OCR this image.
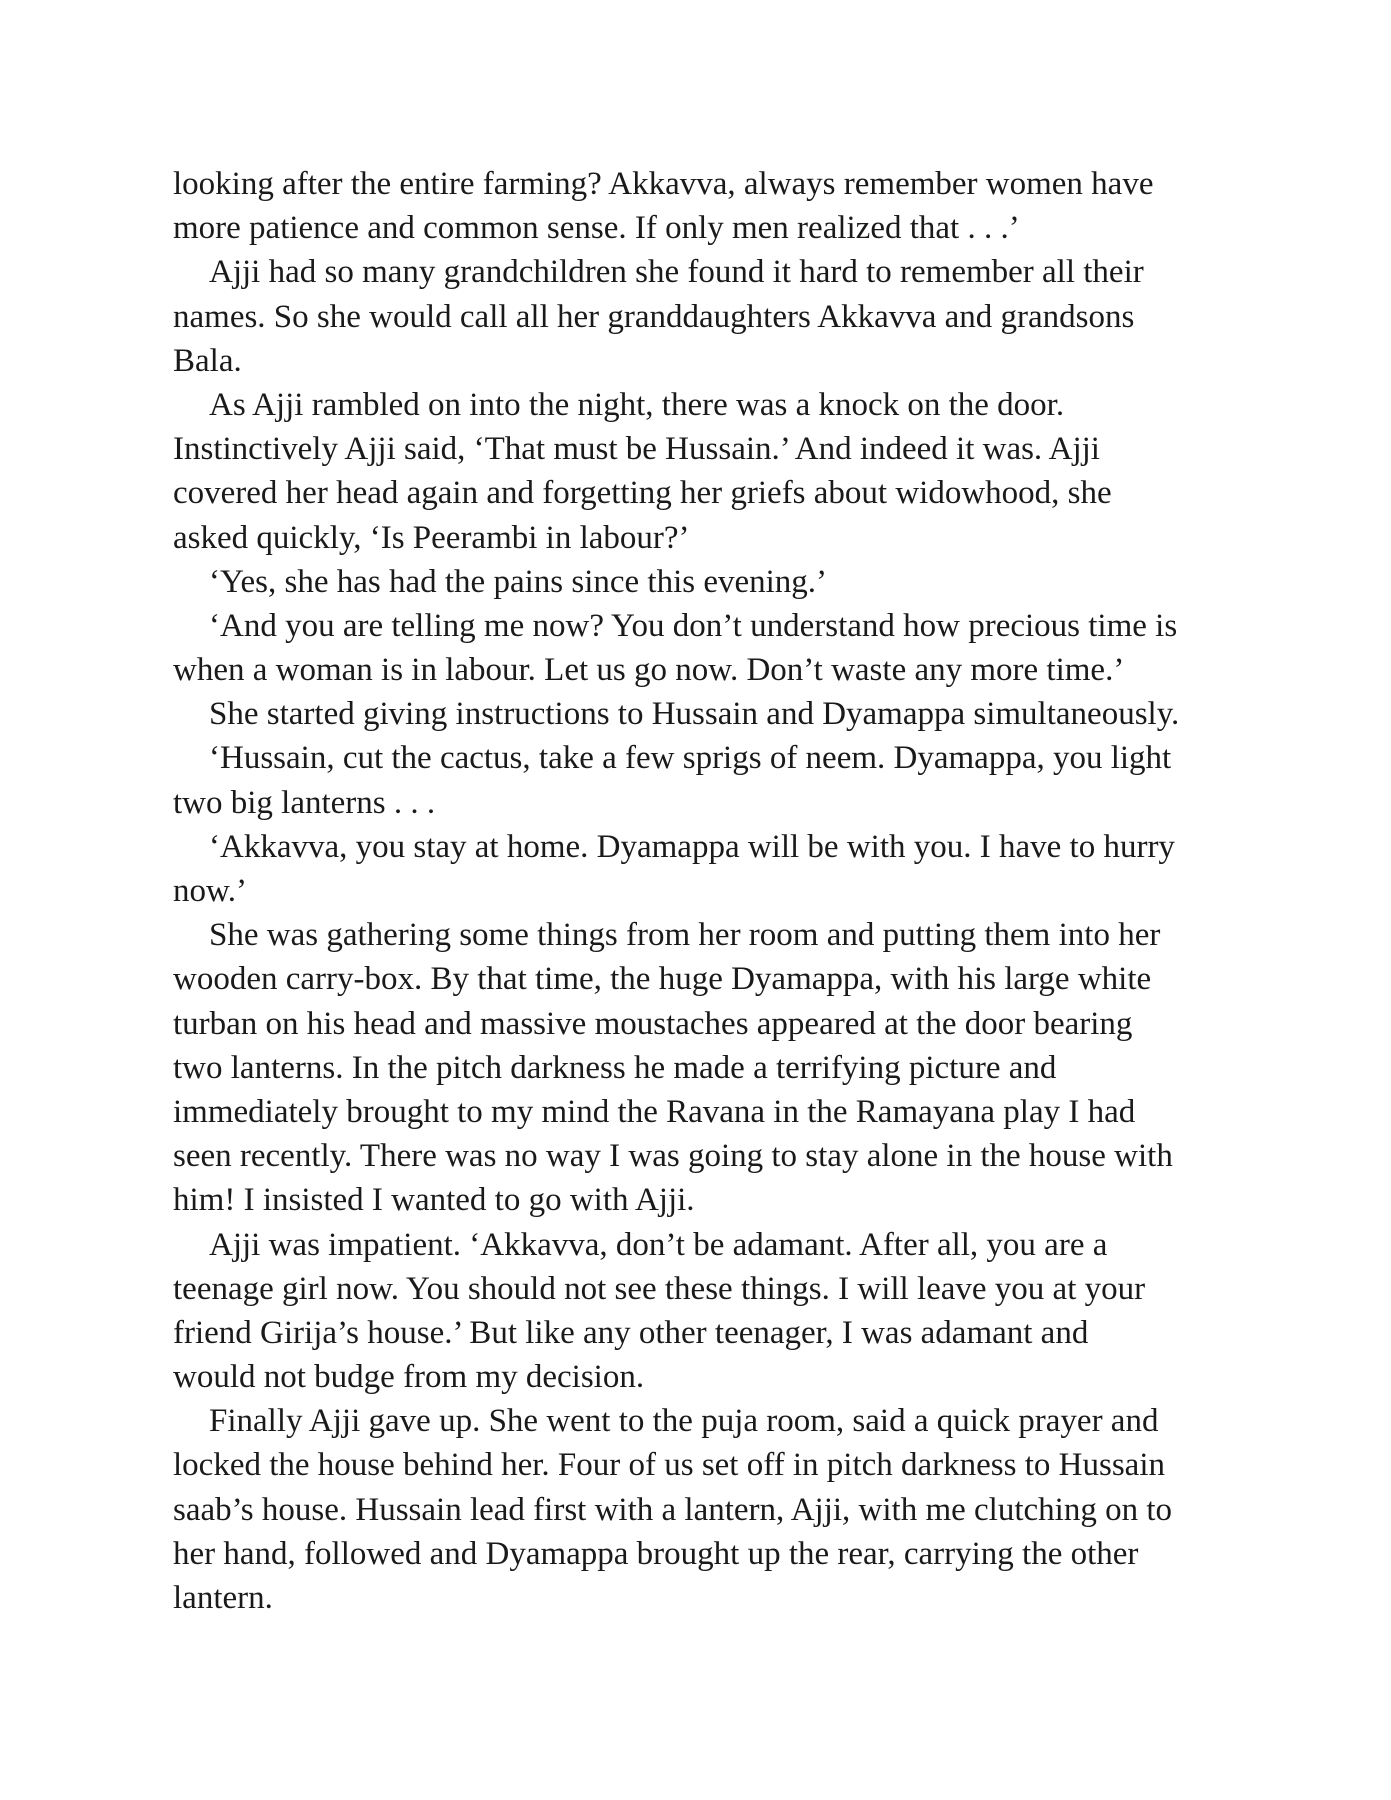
looking after the entire farming? Akkavva, always remember women have
more patience and common sense. If only men realized that . . .’
Ajji had so many grandchildren she found it hard to remember all their
names. So she would call all her granddaughters Akkavva and grandsons
Bala.
As Ajji rambled on into the night, there was a knock on the door.
Instinctively Ajji said, ‘That must be Hussain.’ And indeed it was. Ajji
covered her head again and forgetting her griefs about widowhood, she
asked quickly, ‘Is Peerambi in labour?’
‘Yes, she has had the pains since this evening.’
‘And you are telling me now? You don’t understand how precious time is
when a woman is in labour. Let us go now. Don’t waste any more time.’
She started giving instructions to Hussain and Dyamappa simultaneously.
‘Hussain, cut the cactus, take a few sprigs of neem. Dyamappa, you light
two big lanterns . . .
‘Akkavva, you stay at home. Dyamappa will be with you. I have to hurry
now.’
She was gathering some things from her room and putting them into her
wooden carry-box. By that time, the huge Dyamappa, with his large white
turban on his head and massive moustaches appeared at the door bearing
two lanterns. In the pitch darkness he made a terrifying picture and
immediately brought to my mind the Ravana in the Ramayana play I had
seen recently. There was no way I was going to stay alone in the house with
him! I insisted I wanted to go with Ajji.
Ajji was impatient. ‘Akkavva, don’t be adamant. After all, you are a
teenage girl now. You should not see these things. I will leave you at your
friend Girija’s house.’ But like any other teenager, I was adamant and
would not budge from my decision.
Finally Ajji gave up. She went to the puja room, said a quick prayer and
locked the house behind her. Four of us set off in pitch darkness to Hussain
saab’s house. Hussain lead first with a lantern, Ajji, with me clutching on to
her hand, followed and Dyamappa brought up the rear, carrying the other
lantern.
